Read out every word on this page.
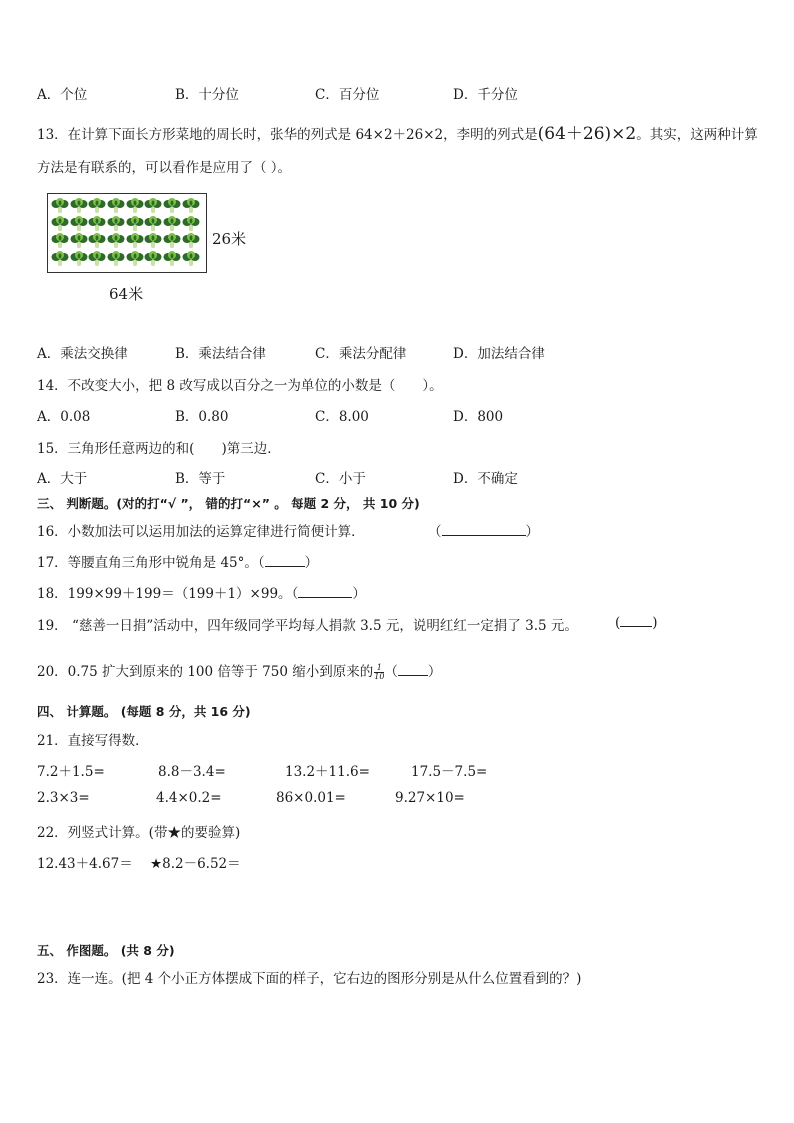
A．个位	B．十分位	C．百分位	D．千分位
13．在计算下面长方形菜地的周长时，张华的列式是 64×2＋26×2，李明的列式是(64＋26)×2。其实，这两种计算
方法是有联系的，可以看作是应用了（ ）。
26米
64米
A．乘法交换律	B．乘法结合律	C．乘法分配律	D．加法结合律
14．不改变大小，把 8 改写成以百分之一为单位的小数是（　　）。
A．0.08	B．0.80	C．8.00	D．800
15．三角形任意两边的和(　　)第三边．
A．大于	B．等于	C．小于	D．不确定
三、 判断题。(对的打“√ ”， 错的打“×” 。 每题 2 分， 共 10 分)
16．小数加法可以运用加法的运算定律进行简便计算．	（	）
17．等腰直角三角形中锐角是 45°。（	）
18．199×99＋199＝（199＋1）×99。（	）
19． “慈善一日捐”活动中，四年级同学平均每人捐款 3.5 元，说明红红一定捐了 3.5 元。	( )
20．0.75 扩大到原来的 100 倍等于 750 缩小到原来的 $\frac{1}{10}$ （ ）
四、 计算题。 (每题 8 分，共 16 分)
21．直接写得数．
7.2＋1.5=	8.8－3.4=	13.2＋11.6=	17.5－7.5=
2.3×3=	4.4×0.2=	86×0.01=	9.27×10=
22．列竖式计算。(带★的要验算)
12.43＋4.67＝ ★8.2－6.52＝
五、 作图题。 (共 8 分)
23．连一连。(把 4 个小正方体摆成下面的样子，它右边的图形分别是从什么位置看到的？)
